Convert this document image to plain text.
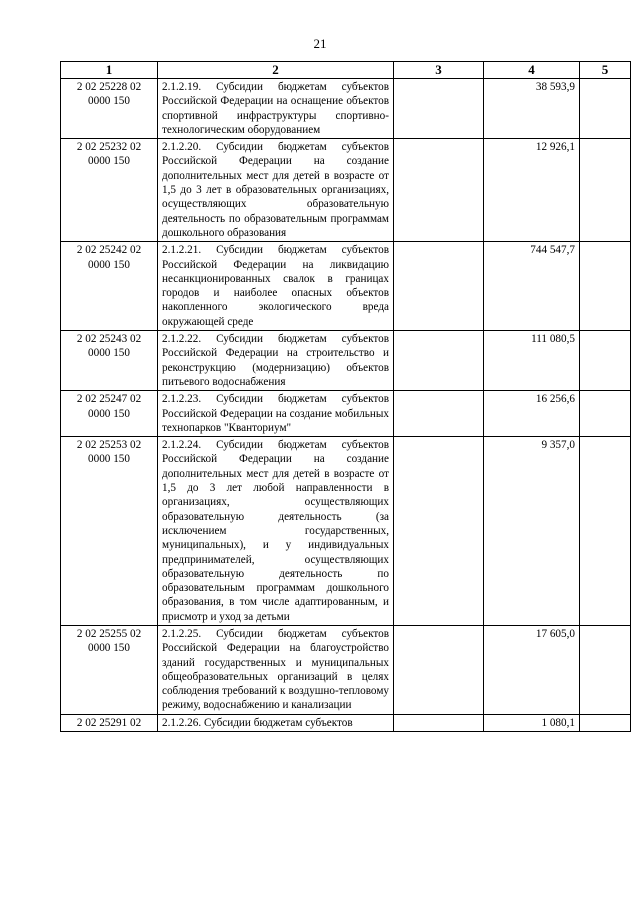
21
1	2	3	4	5
2 02 25228 02 0000 150	2.1.2.19. Субсидии бюджетам субъектов Российской Федерации на оснащение объектов спортивной инфраструктуры спортивно-технологическим оборудованием		38 593,9	
2 02 25232 02 0000 150	2.1.2.20. Субсидии бюджетам субъектов Российской Федерации на создание дополнительных мест для детей в возрасте от 1,5 до 3 лет в образовательных организациях, осуществляющих образовательную деятельность по образовательным программам дошкольного образования		12 926,1	
2 02 25242 02 0000 150	2.1.2.21. Субсидии бюджетам субъектов Российской Федерации на ликвидацию несанкционированных свалок в границах городов и наиболее опасных объектов накопленного экологического вреда окружающей среде		744 547,7	
2 02 25243 02 0000 150	2.1.2.22. Субсидии бюджетам субъектов Российской Федерации на строительство и реконструкцию (модернизацию) объектов питьевого водоснабжения		111 080,5	
2 02 25247 02 0000 150	2.1.2.23. Субсидии бюджетам субъектов Российской Федерации на создание мобильных технопарков "Кванториум"		16 256,6	
2 02 25253 02 0000 150	2.1.2.24. Субсидии бюджетам субъектов Российской Федерации на создание дополнительных мест для детей в возрасте от 1,5 до 3 лет любой направленности в организациях, осуществляющих образовательную деятельность (за исключением государственных, муниципальных), и у индивидуальных предпринимателей, осуществляющих образовательную деятельность по образовательным программам дошкольного образования, в том числе адаптированным, и присмотр и уход за детьми		9 357,0	
2 02 25255 02 0000 150	2.1.2.25. Субсидии бюджетам субъектов Российской Федерации на благоустройство зданий государственных и муниципальных общеобразовательных организаций в целях соблюдения требований к воздушно-тепловому режиму, водоснабжению и канализации		17 605,0	
2 02 25291 02	2.1.2.26. Субсидии бюджетам субъектов		1 080,1	
